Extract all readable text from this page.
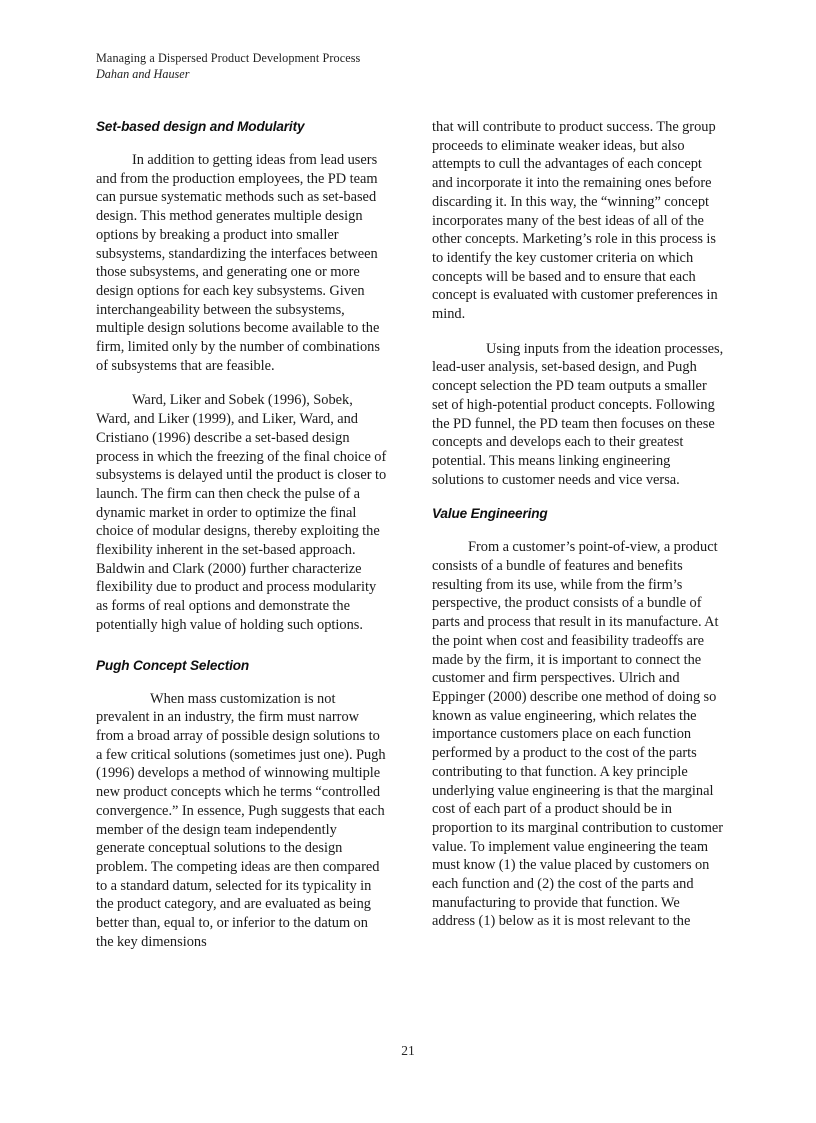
Managing a Dispersed Product Development Process
Dahan and Hauser
Set-based design and Modularity

In addition to getting ideas from lead users and from the production employees, the PD team can pursue systematic methods such as set-based design. This method generates multiple design options by breaking a product into smaller subsystems, standardizing the interfaces between those subsystems, and generating one or more design options for each key subsystems. Given interchangeability between the subsystems, multiple design solutions become available to the firm, limited only by the number of combinations of subsystems that are feasible.

Ward, Liker and Sobek (1996), Sobek, Ward, and Liker (1999), and Liker, Ward, and Cristiano (1996) describe a set-based design process in which the freezing of the final choice of subsystems is delayed until the product is closer to launch. The firm can then check the pulse of a dynamic market in order to optimize the final choice of modular designs, thereby exploiting the flexibility inherent in the set-based approach. Baldwin and Clark (2000) further characterize flexibility due to product and process modularity as forms of real options and demonstrate the potentially high value of holding such options.

Pugh Concept Selection

When mass customization is not prevalent in an industry, the firm must narrow from a broad array of possible design solutions to a few critical solutions (sometimes just one). Pugh (1996) develops a method of winnowing multiple new product concepts which he terms “controlled convergence.” In essence, Pugh suggests that each member of the design team independently generate conceptual solutions to the design problem. The competing ideas are then compared to a standard datum, selected for its typicality in the product category, and are evaluated as being better than, equal to, or inferior to the datum on the key dimensions

that will contribute to product success. The group proceeds to eliminate weaker ideas, but also attempts to cull the advantages of each concept and incorporate it into the remaining ones before discarding it. In this way, the “winning” concept incorporates many of the best ideas of all of the other concepts. Marketing’s role in this process is to identify the key customer criteria on which concepts will be based and to ensure that each concept is evaluated with customer preferences in mind.

Using inputs from the ideation processes, lead-user analysis, set-based design, and Pugh concept selection the PD team outputs a smaller set of high-potential product concepts. Following the PD funnel, the PD team then focuses on these concepts and develops each to their greatest potential. This means linking engineering solutions to customer needs and vice versa.

Value Engineering

From a customer’s point-of-view, a product consists of a bundle of features and benefits resulting from its use, while from the firm’s perspective, the product consists of a bundle of parts and process that result in its manufacture. At the point when cost and feasibility tradeoffs are made by the firm, it is important to connect the customer and firm perspectives. Ulrich and Eppinger (2000) describe one method of doing so known as value engineering, which relates the importance customers place on each function performed by a product to the cost of the parts contributing to that function. A key principle underlying value engineering is that the marginal cost of each part of a product should be in proportion to its marginal contribution to customer value. To implement value engineering the team must know (1) the value placed by customers on each function and (2) the cost of the parts and manufacturing to provide that function. We address (1) below as it is most relevant to the

21
